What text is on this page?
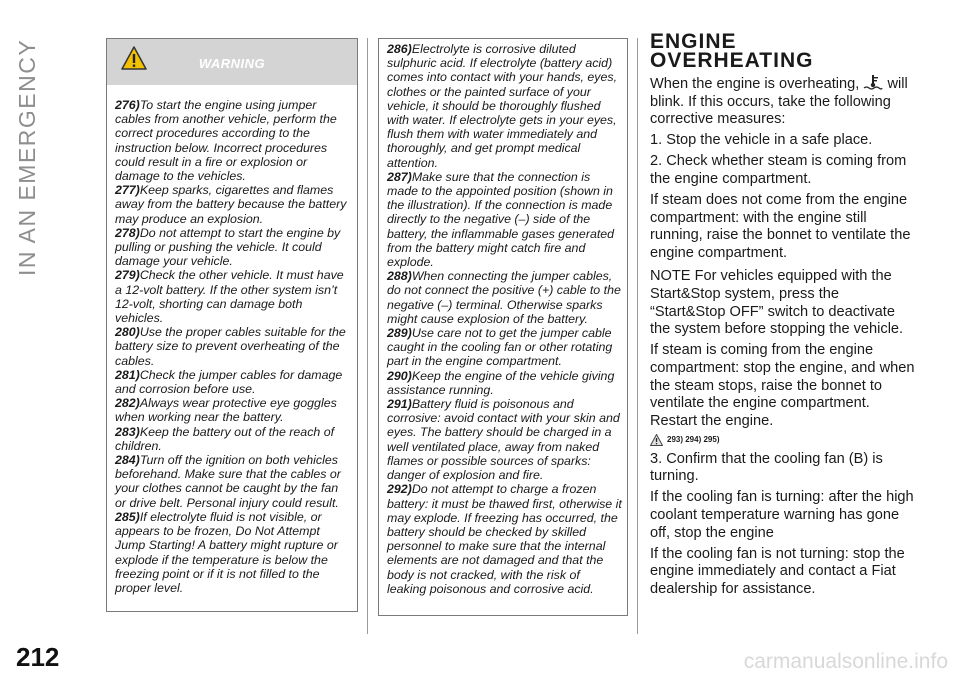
IN AN EMERGENCY
212
WARNING
276)To start the engine using jumper cables from another vehicle, perform the correct procedures according to the instruction below. Incorrect procedures could result in a fire or explosion or damage to the vehicles.
277)Keep sparks, cigarettes and flames away from the battery because the battery may produce an explosion.
278)Do not attempt to start the engine by pulling or pushing the vehicle. It could damage your vehicle.
279)Check the other vehicle. It must have a 12-volt battery. If the other system isn’t 12-volt, shorting can damage both vehicles.
280)Use the proper cables suitable for the battery size to prevent overheating of the cables.
281)Check the jumper cables for damage and corrosion before use.
282)Always wear protective eye goggles when working near the battery.
283)Keep the battery out of the reach of children.
284)Turn off the ignition on both vehicles beforehand. Make sure that the cables or your clothes cannot be caught by the fan or drive belt. Personal injury could result.
285)If electrolyte fluid is not visible, or appears to be frozen, Do Not Attempt Jump Starting! A battery might rupture or explode if the temperature is below the freezing point or if it is not filled to the proper level.
286)Electrolyte is corrosive diluted sulphuric acid. If electrolyte (battery acid) comes into contact with your hands, eyes, clothes or the painted surface of your vehicle, it should be thoroughly flushed with water. If electrolyte gets in your eyes, flush them with water immediately and thoroughly, and get prompt medical attention.
287)Make sure that the connection is made to the appointed position (shown in the illustration). If the connection is made directly to the negative (–) side of the battery, the inflammable gases generated from the battery might catch fire and explode.
288)When connecting the jumper cables, do not connect the positive (+) cable to the negative (–) terminal. Otherwise sparks might cause explosion of the battery.
289)Use care not to get the jumper cable caught in the cooling fan or other rotating part in the engine compartment.
290)Keep the engine of the vehicle giving assistance running.
291)Battery fluid is poisonous and corrosive: avoid contact with your skin and eyes. The battery should be charged in a well ventilated place, away from naked flames or possible sources of sparks: danger of explosion and fire.
292)Do not attempt to charge a frozen battery: it must be thawed first, otherwise it may explode. If freezing has occurred, the battery should be checked by skilled personnel to make sure that the internal elements are not damaged and that the body is not cracked, with the risk of leaking poisonous and corrosive acid.
ENGINE
OVERHEATING

When the engine is overheating, will blink. If this occurs, take the following corrective measures:

1. Stop the vehicle in a safe place.

2. Check whether steam is coming from the engine compartment.

If steam does not come from the engine compartment: with the engine still running, raise the bonnet to ventilate the engine compartment.

NOTE For vehicles equipped with the Start&Stop system, press the “Start&Stop OFF” switch to deactivate the system before stopping the vehicle.

If steam is coming from the engine compartment: stop the engine, and when the steam stops, raise the bonnet to ventilate the engine compartment. Restart the engine.

293) 294) 295)

3. Confirm that the cooling fan (B) is turning.

If the cooling fan is turning: after the high coolant temperature warning has gone off, stop the engine

If the cooling fan is not turning: stop the engine immediately and contact a Fiat dealership for assistance.

carmanualsonline.info
